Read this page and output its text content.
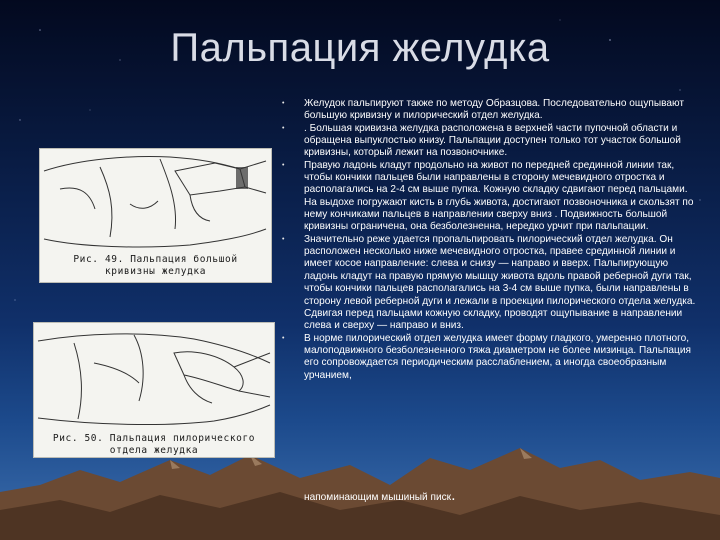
Пальпация желудка
Рис. 49. Пальпация большой
кривизны желудка
Рис. 50. Пальпация пилорического
отдела желудка
• Желудок пальпируют также по методу Образцова. Последовательно ощупывают большую кривизну и пилорический отдел желудка.
• . Большая кривизна желудка расположена в верхней части пупочной области и обращена выпуклостью книзу. Пальпации доступен только тот участок большой кривизны, который лежит на позвоночнике.
• Правую ладонь кладут продольно на живот по передней срединной линии так, чтобы кончики пальцев были направлены в сторону мечевидного отростка и располагались на 2-4 см выше пупка. Кожную складку сдвигают перед пальцами. На выдохе погружают кисть в глубь живота, достигают позвоночника и скользят по нему кончиками пальцев в направлении сверху вниз . Подвижность большой кривизны ограничена, она безболезненна, нередко урчит при пальпации.
• Значительно реже удается пропальпировать пилорический отдел желудка. Он расположен несколько ниже мечевидного отростка, правее срединной линии и имеет косое направление: слева и снизу — направо и вверх. Пальпирующую ладонь кладут на правую прямую мышцу живота вдоль правой реберной дуги так, чтобы кончики пальцев располагались на 3-4 см выше пупка, были направлены в сторону левой реберной дуги и лежали в проекции пилорического отдела желудка. Сдвигая перед пальцами кожную складку, проводят ощупывание в направлении слева и сверху — направо и вниз.
• В норме пилорический отдел желудка имеет форму гладкого, умеренно плотного, малоподвижного безболезненного тяжа диаметром не более мизинца. Пальпация его сопровождается периодическим расслаблением, а иногда своеобразным урчанием,
напоминающим мышиный писк.
